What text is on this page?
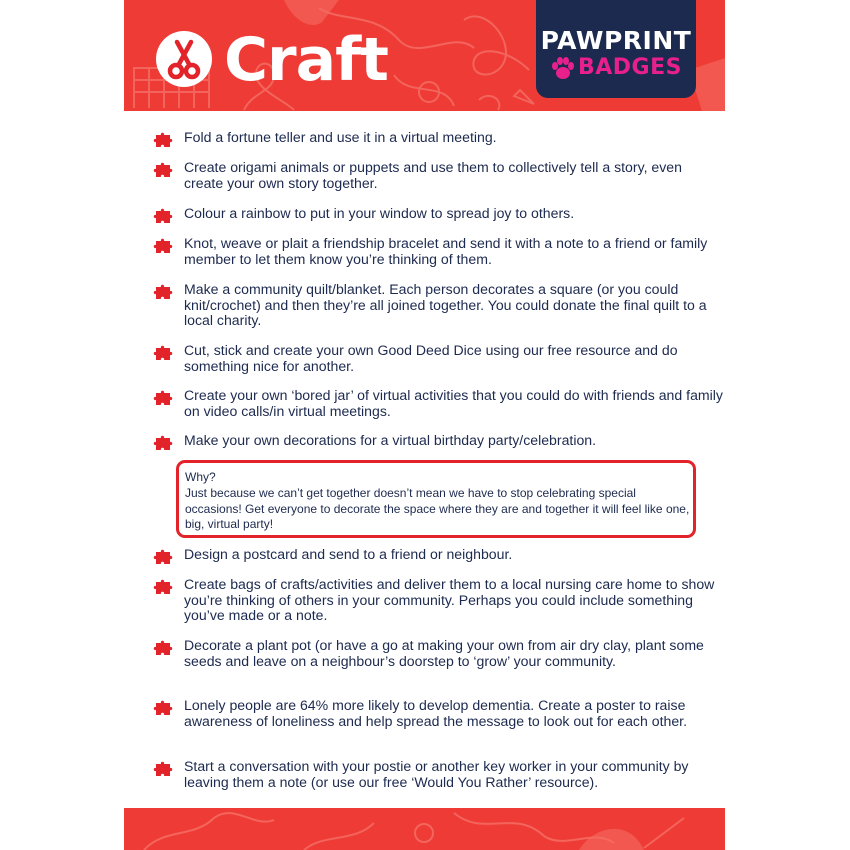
Craft	PAWPRINT
BADGES
Fold a fortune teller and use it in a virtual meeting.
Create origami animals or puppets and use them to collectively tell a story, even create your own story together.
Colour a rainbow to put in your window to spread joy to others.
Knot, weave or plait a friendship bracelet and send it with a note to a friend or family member to let them know you’re thinking of them.
Make a community quilt/blanket. Each person decorates a square (or you could knit/crochet) and then they’re all joined together. You could donate the final quilt to a local charity.
Cut, stick and create your own Good Deed Dice using our free resource and do something nice for another.
Create your own ‘bored jar’ of virtual activities that you could do with friends and family on video calls/in virtual meetings.
Make your own decorations for a virtual birthday party/celebration.
Why?
Just because we can’t get together doesn’t mean we have to stop celebrating special occasions! Get everyone to decorate the space where they are and together it will feel like one, big, virtual party!
Design a postcard and send to a friend or neighbour.
Create bags of crafts/activities and deliver them to a local nursing care home to show you’re thinking of others in your community. Perhaps you could include something you’ve made or a note.
Decorate a plant pot (or have a go at making your own from air dry clay, plant some seeds and leave on a neighbour’s doorstep to ‘grow’ your community.
Lonely people are 64% more likely to develop dementia. Create a poster to raise awareness of loneliness and help spread the message to look out for each other.
Start a conversation with your postie or another key worker in your community by leaving them a note (or use our free ‘Would You Rather’ resource).
